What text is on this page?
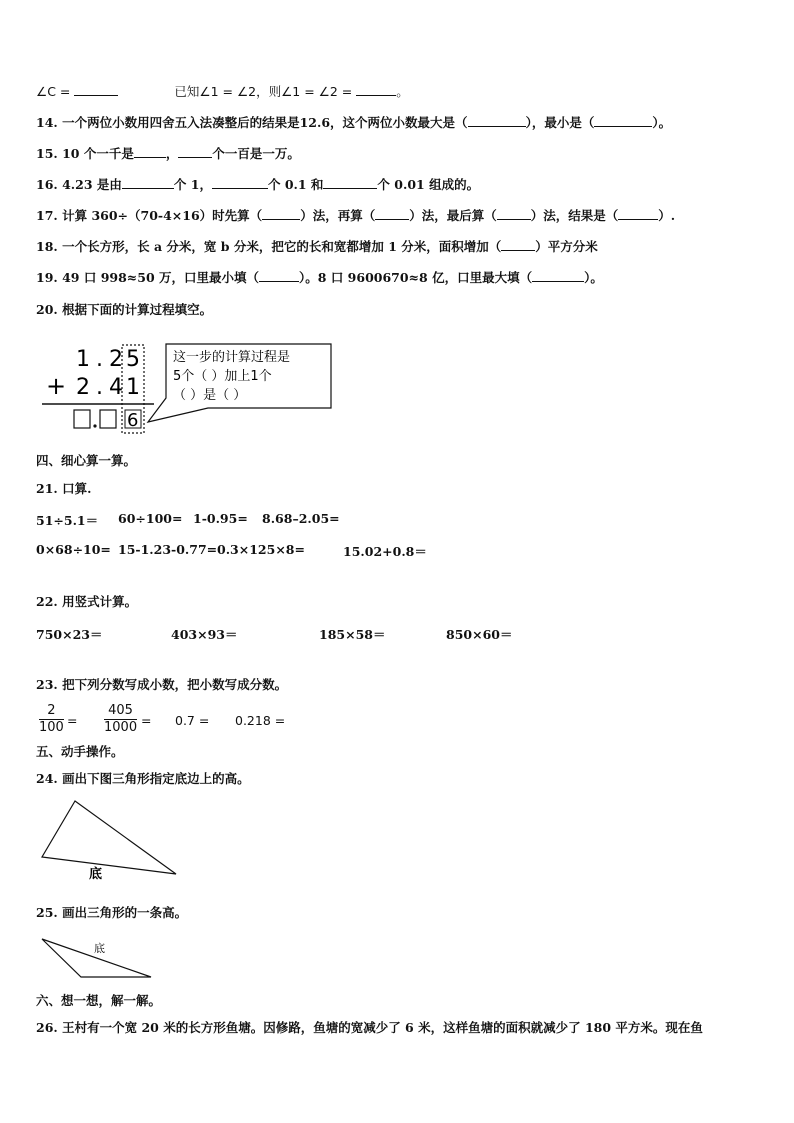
∠C =	已知∠1 = ∠2，则∠1 = ∠2 =	。
14. 一个两位小数用四舍五入法凑整后的结果是12.6，这个两位小数最大是（	），最小是（	）。
15. 10 个一千是	，	个一百是一万。
16. 4.23 是由	个 1，	个 0.1 和	个 0.01 组成的。
17. 计算 360÷（70-4×16）时先算（	）法，再算（	）法，最后算（	）法，结果是（	）.
18. 一个长方形，长 a 分米，宽 b 分米，把它的长和宽都增加 1 分米，面积增加（	）平方分米
19. 49 口 998≈50 万，口里最小填（	）。8 口 9600670≈8 亿，口里最大填（	）。
20. 根据下面的计算过程填空。
1.2
+ 2.4
5
1
6
这一步的计算过程是
5个（ ）加上1个
（ ）是（ ）
四、细心算一算。
21. 口算.
51÷5.1＝ 60÷100= 1-0.95= 8.68–2.05=
0×68÷10= 15-1.23-0.77= 0.3×125×8=	15.02+0.8＝
22. 用竖式计算。
750×23＝	403×93＝	185×58＝	850×60＝
23. 把下列分数写成小数，把小数写成分数。
$\frac{2}{100} = \frac{405}{1000} = 0.7 = 0.218$ =
五、动手操作。
24. 画出下图三角形指定底边上的高。
底
25. 画出三角形的一条高。
底
六、想一想，解一解。
26. 王村有一个宽 20 米的长方形鱼塘。因修路，鱼塘的宽减少了 6 米，这样鱼塘的面积就减少了 180 平方米。现在鱼
